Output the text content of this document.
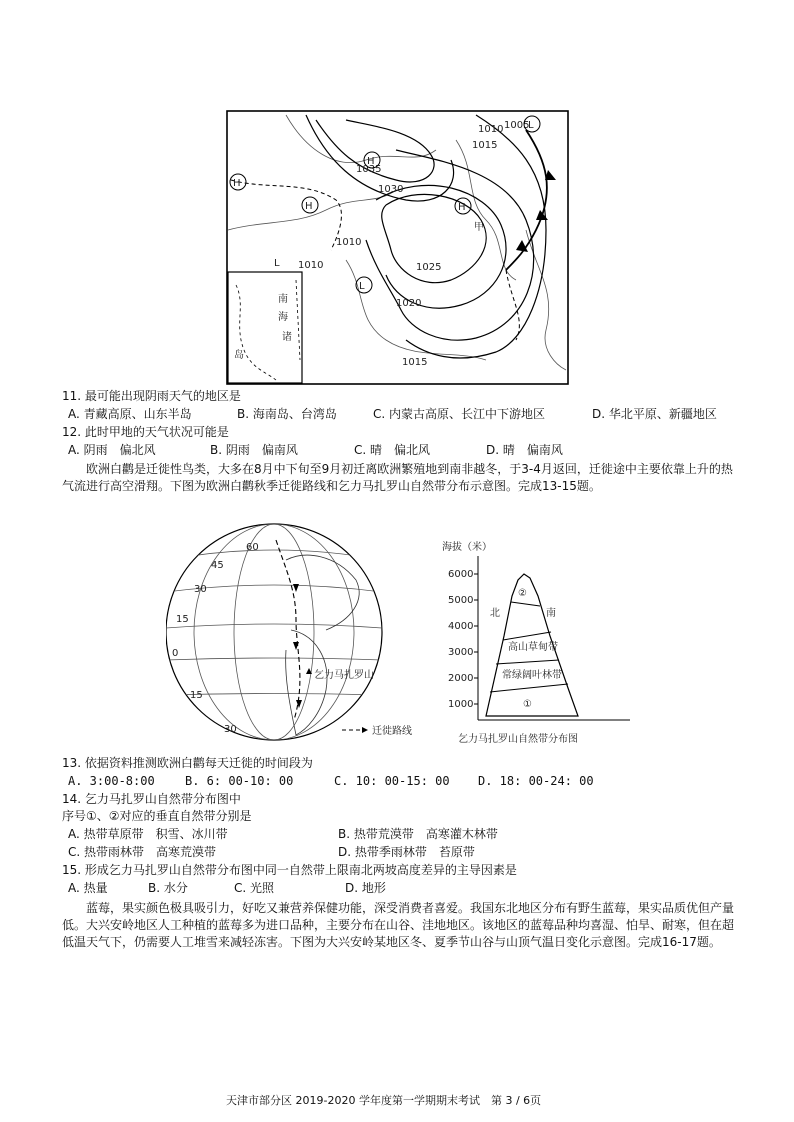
1035
1030
1025
1020
1015
1010
1010
1010
1015
1005
H
H
H	H
L
L
L
甲
南
海
诸
岛
11. 最可能出现阴雨天气的地区是
A. 青藏高原、山东半岛	B. 海南岛、台湾岛	C. 内蒙古高原、长江中下游地区	D. 华北平原、新疆地区
12. 此时甲地的天气状况可能是
A. 阴雨　偏北风	B. 阴雨　偏南风	C. 晴　偏北风	D. 晴　偏南风
欧洲白鹳是迁徙性鸟类，大多在8月中下旬至9月初迁离欧洲繁殖地到南非越冬，于3-4月返回，迁徙途中主要依靠上升的热气流进行高空滑翔。下图为欧洲白鹳秋季迁徙路线和乞力马扎罗山自然带分布示意图。完成13-15题。
60
45
30
15
0
15
30
乞力马扎罗山
迁徙路线
海拔（米）
6000
5000
4000
3000
2000
1000
北	南
②
高山草甸带
常绿阔叶林带
①
乞力马扎罗山自然带分布图
13. 依据资料推测欧洲白鹳每天迁徙的时间段为
A. 3:00-8:00	B. 6: 00-10: 00	C. 10: 00-15: 00 D. 18: 00-24: 00
14. 乞力马扎罗山自然带分布图中
序号①、②对应的垂直自然带分别是
A. 热带草原带　积雪、冰川带	B. 热带荒漠带　高寒灌木林带
C. 热带雨林带　高寒荒漠带	D. 热带季雨林带　苔原带
15. 形成乞力马扎罗山自然带分布图中同一自然带上限南北两坡高度差异的主导因素是
A. 热量	B. 水分	C. 光照	D. 地形
蓝莓，果实颜色极具吸引力，好吃又兼营养保健功能，深受消费者喜爱。我国东北地区分布有野生蓝莓，果实品质优但产量低。大兴安岭地区人工种植的蓝莓多为进口品种，主要分布在山谷、洼地地区。该地区的蓝莓品种均喜湿、怕旱、耐寒，但在超低温天气下，仍需要人工堆雪来减轻冻害。下图为大兴安岭某地区冬、夏季节山谷与山顶气温日变化示意图。完成16-17题。
天津市部分区 2019-2020 学年度第一学期期末考试　第 3 / 6页
